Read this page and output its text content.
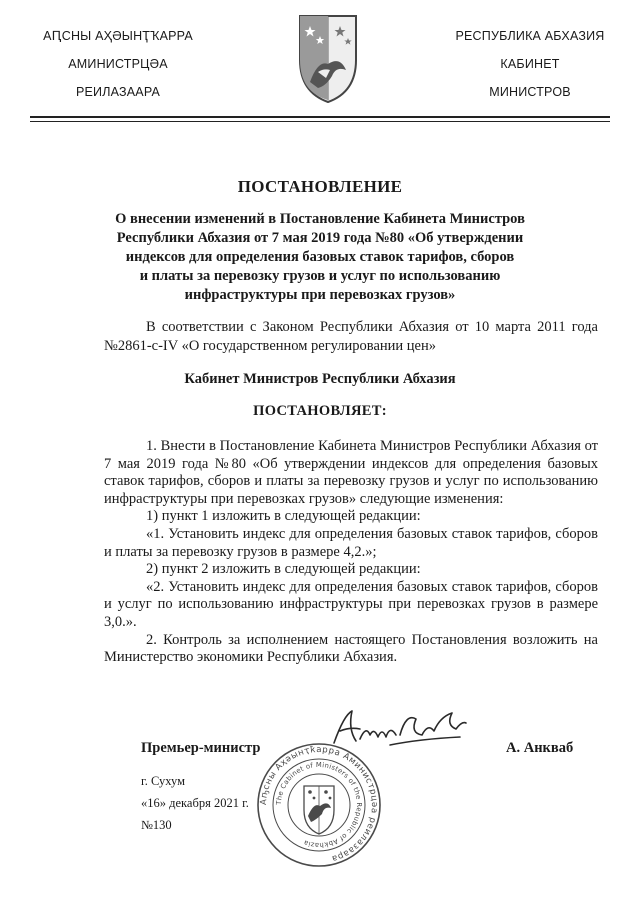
АԤСНЫ АҲӘЫНҬҠАРРА
АМИНИСТРЦӘА
РЕИЛАЗААРА
РЕСПУБЛИКА АБХАЗИЯ
КАБИНЕТ
МИНИСТРОВ
ПОСТАНОВЛЕНИЕ
О внесении изменений в Постановление Кабинета Министров
Республики Абхазия от 7 мая 2019 года №80 «Об утверждении
индексов для определения базовых ставок тарифов, сборов
и платы за перевозку грузов и услуг по использованию
инфраструктуры при перевозках грузов»
В соответствии с Законом Республики Абхазия от 10 марта 2011 года №2861-с-IV «О государственном регулировании цен»
Кабинет Министров Республики Абхазия
ПОСТАНОВЛЯЕТ:

1. Внести в Постановление Кабинета Министров Республики Абхазия от 7 мая 2019 года №80 «Об утверждении индексов для определения базовых ставок тарифов, сборов и платы за перевозку грузов и услуг по использованию инфраструктуры при перевозках грузов» следующие изменения:

1) пункт 1 изложить в следующей редакции:

«1. Установить индекс для определения базовых ставок тарифов, сборов и платы за перевозку грузов в размере 4,2.»;

2) пункт 2 изложить в следующей редакции:

«2. Установить индекс для определения базовых ставок тарифов, сборов и услуг по использованию инфраструктуры при перевозках грузов в размере 3,0.».

2. Контроль за исполнением настоящего Постановления возложить на Министерство экономики Республики Абхазия.

Премьер-министр
Аҧсны Аҳәынҭҟарра Аминистрцәа реилазаара
The Cabinet of Ministers of the Republic of Abkhazia
А. Анкваб
г. Сухум
«16» декабря 2021 г.
№130
